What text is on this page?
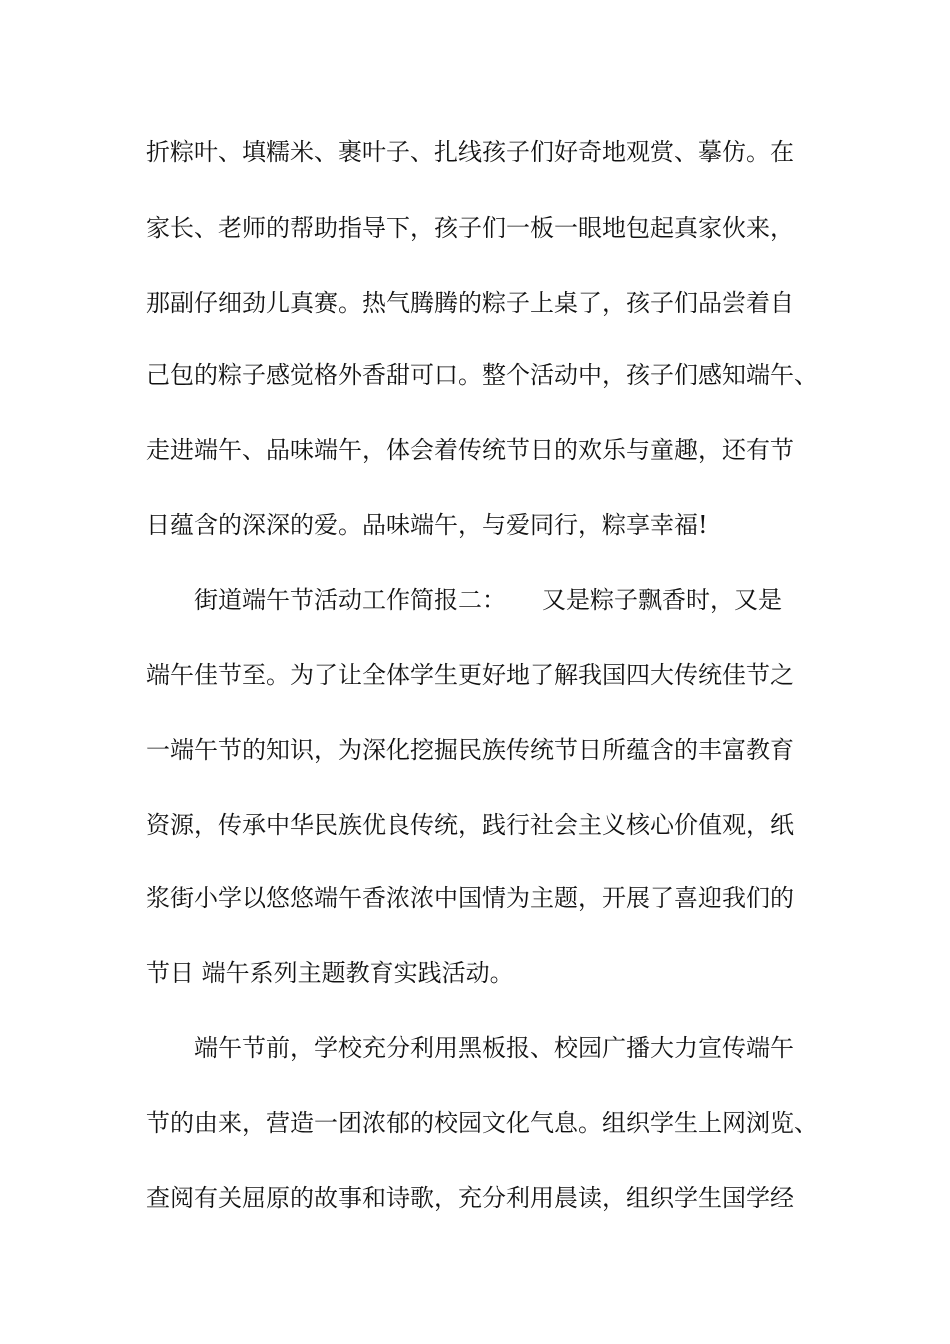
折粽叶、填糯米、裹叶子、扎线孩子们好奇地观赏、摹仿。在
家长、老师的帮助指导下，孩子们一板一眼地包起真家伙来，
那副仔细劲儿真赛。热气腾腾的粽子上桌了，孩子们品尝着自
己包的粽子感觉格外香甜可口。整个活动中，孩子们感知端午、
走进端午、品味端午，体会着传统节日的欢乐与童趣，还有节
日蕴含的深深的爱。品味端午，与爱同行，粽享幸福!
　　街道端午节活动工作简报二：　　又是粽子飘香时，又是
端午佳节至。为了让全体学生更好地了解我国四大传统佳节之
一端午节的知识，为深化挖掘民族传统节日所蕴含的丰富教育
资源，传承中华民族优良传统，践行社会主义核心价值观，纸
浆街小学以悠悠端午香浓浓中国情为主题，开展了喜迎我们的
节日 端午系列主题教育实践活动。
　　端午节前，学校充分利用黑板报、校园广播大力宣传端午
节的由来，营造一团浓郁的校园文化气息。组织学生上网浏览、
查阅有关屈原的故事和诗歌，充分利用晨读，组织学生国学经
